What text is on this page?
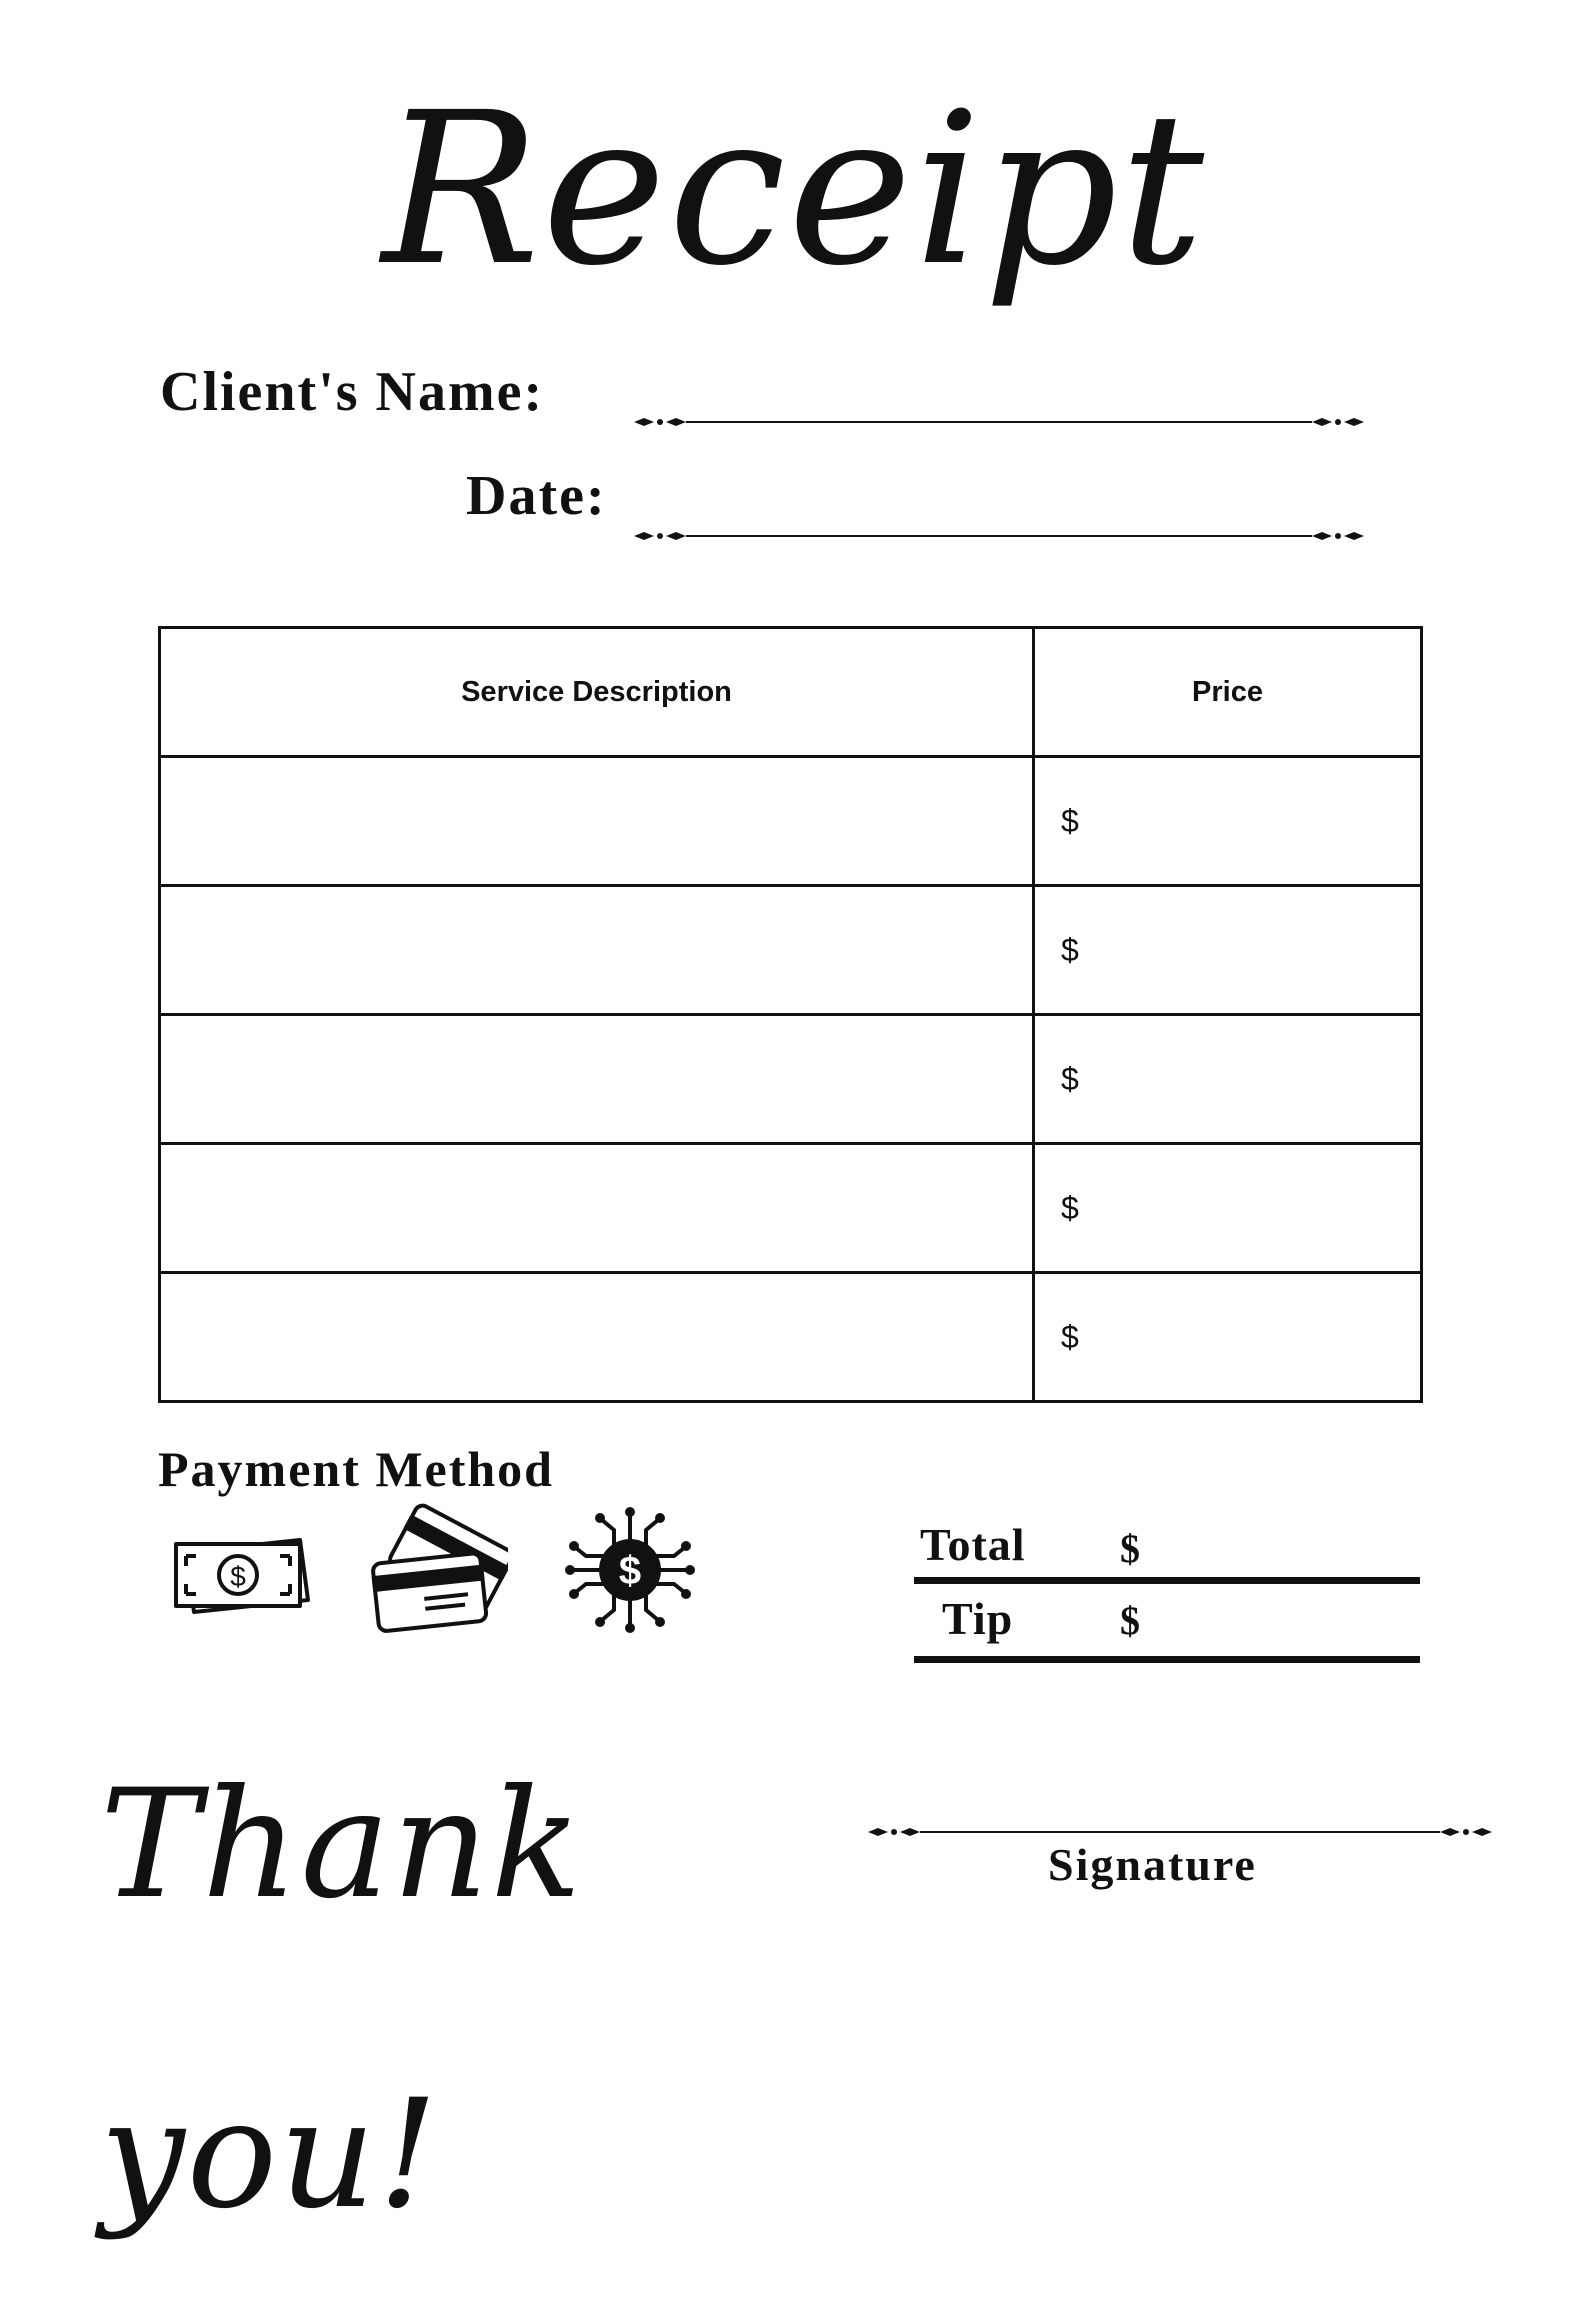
Receipt
Client's Name:
Date:
Service Description	Price
	$
	$
	$
	$
	$
Payment Method
$	$
Total $
Tip	$
Thank you!
Signature
